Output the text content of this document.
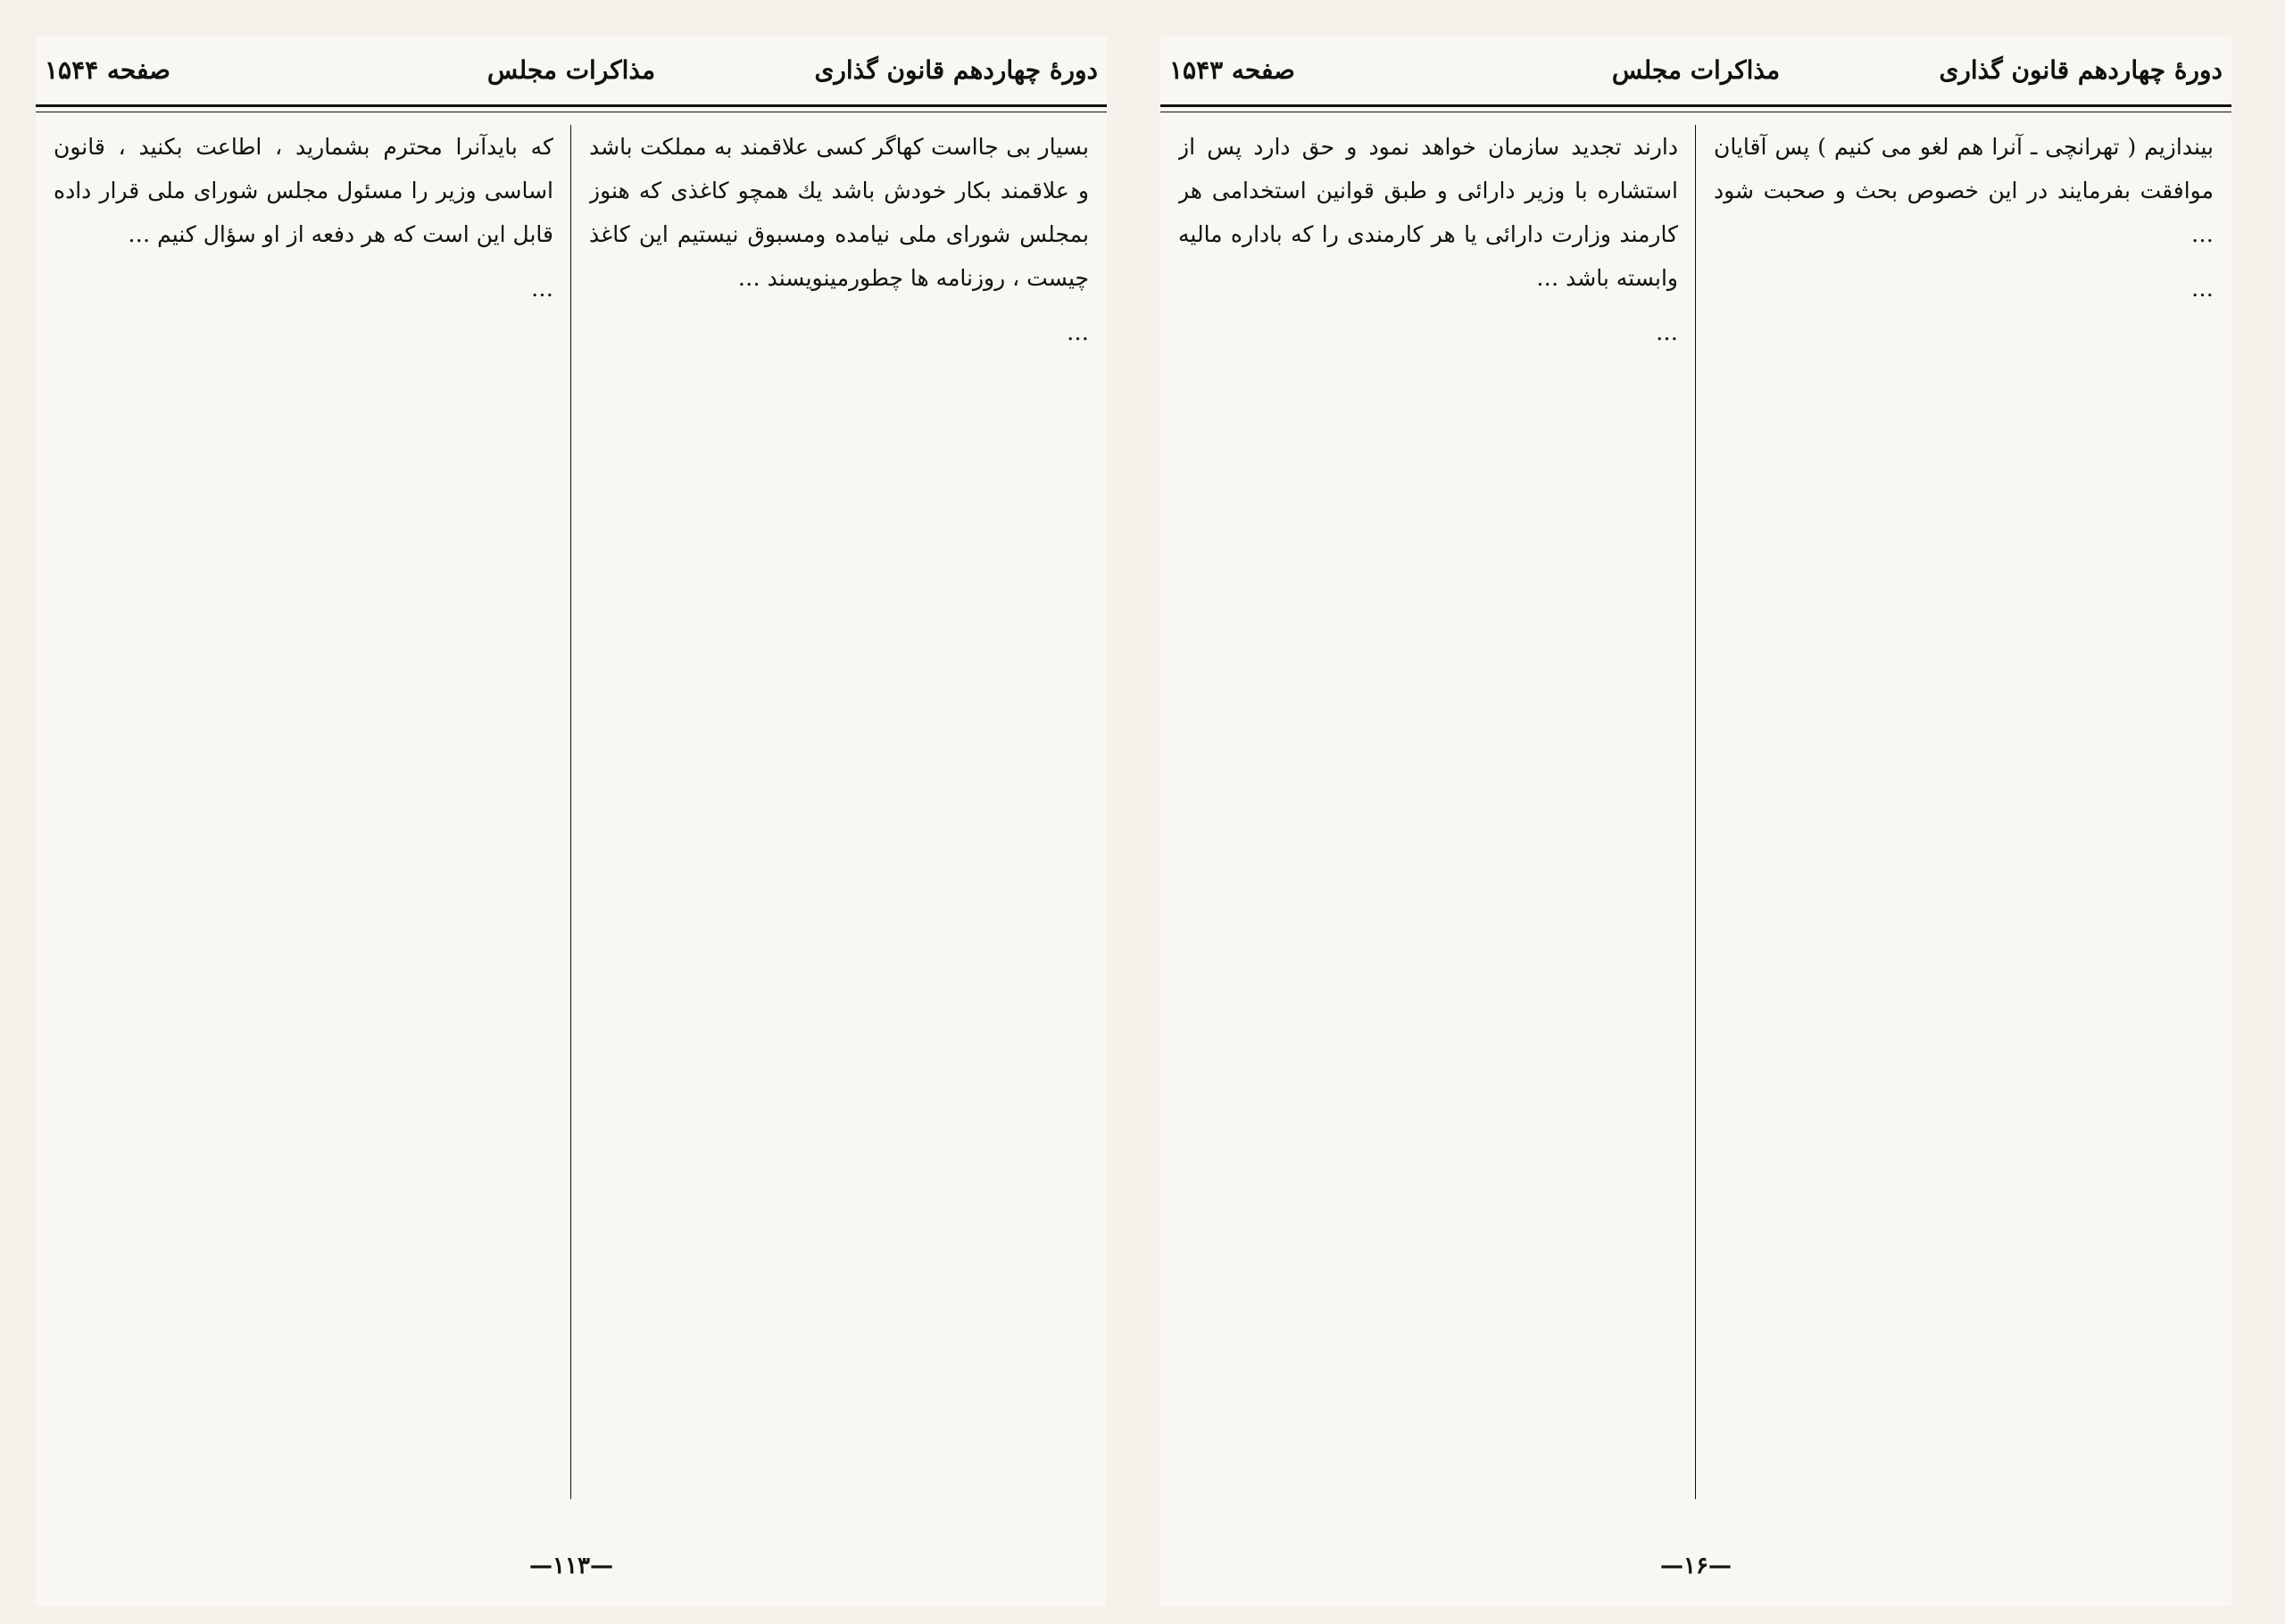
دورهٔ چهاردهم قانون گذاری
مذاکرات مجلس
صفحه ۱۵۴۴

بسیار بی جااست کهاگر کسی علاقمند به مملکت باشد و علاقمند بکار خودش باشد یك همچو کاغذی که هنوز بمجلس شورای ملی نیامده ومسبوق نیستیم این کاغذ چیست ، روزنامه ها چطورمینویسند …

…

که بایدآنرا محترم بشمارید ، اطاعت بکنید ، قانون اساسی وزیر را مسئول مجلس شورای ملی قرار داده قابل این است که هر دفعه از او سؤال کنیم …

…

—۱۱۳—
دورهٔ چهاردهم قانون گذاری
مذاکرات مجلس
صفحه ۱۵۴۳

بیندازیم ( تهرانچی ـ آنرا هم لغو می کنیم ) پس آقایان موافقت بفرمایند در این خصوص بحث و صحبت شود …

…

دارند تجدید سازمان خواهد نمود و حق دارد پس از استشاره با وزیر دارائی و طبق قوانین استخدامی هر کارمند وزارت دارائی یا هر کارمندی را که باداره مالیه وابسته باشد …

…

—۱۶—
